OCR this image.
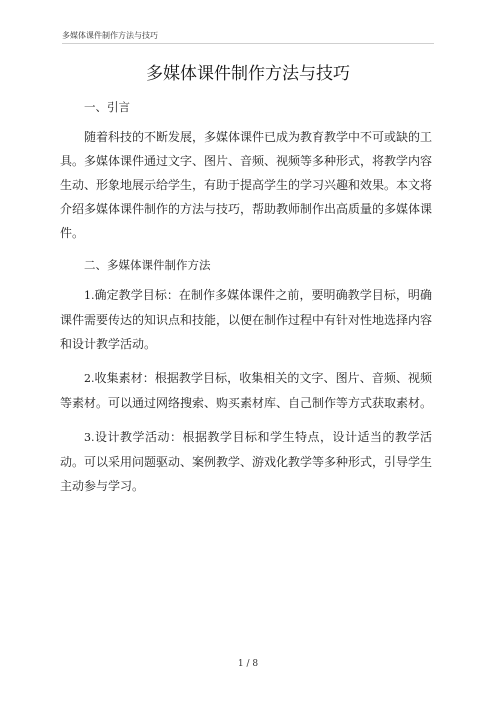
多媒体课件制作方法与技巧
多媒体课件制作方法与技巧

一、引言

随着科技的不断发展，多媒体课件已成为教育教学中不可或缺的工具。多媒体课件通过文字、图片、音频、视频等多种形式，将教学内容生动、形象地展示给学生，有助于提高学生的学习兴趣和效果。本文将介绍多媒体课件制作的方法与技巧，帮助教师制作出高质量的多媒体课件。

二、多媒体课件制作方法

1.确定教学目标：在制作多媒体课件之前，要明确教学目标，明确课件需要传达的知识点和技能，以便在制作过程中有针对性地选择内容和设计教学活动。

2.收集素材：根据教学目标，收集相关的文字、图片、音频、视频等素材。可以通过网络搜索、购买素材库、自己制作等方式获取素材。

3.设计教学活动：根据教学目标和学生特点，设计适当的教学活动。可以采用问题驱动、案例教学、游戏化教学等多种形式，引导学生主动参与学习。

1 / 8
